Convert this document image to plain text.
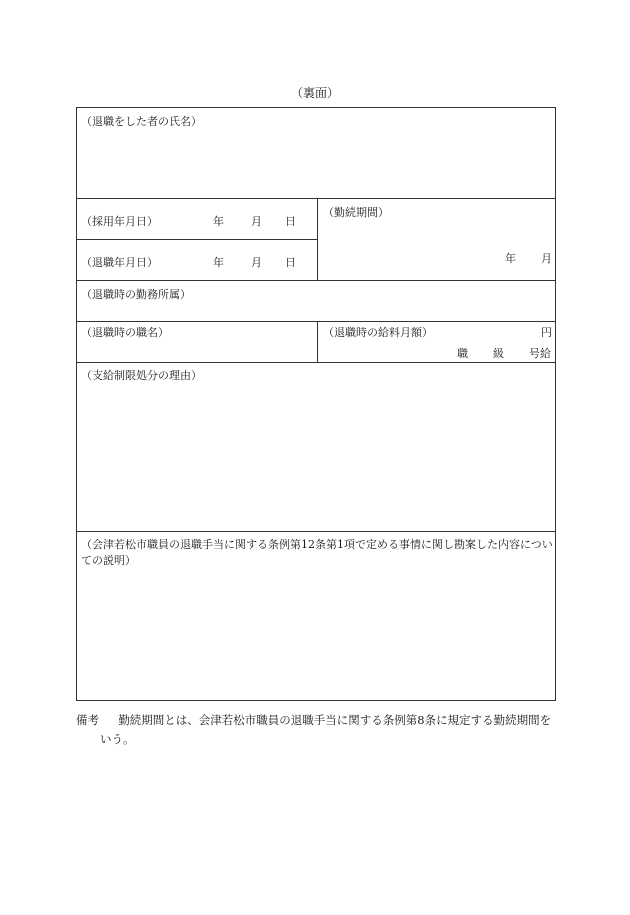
（裏面）
（退職をした者の氏名）
（採用年月日）	年 月 日
（退職年月日）	年 月 日
（勤続期間）
年 月
（退職時の勤務所属）
（退職時の職名）	（退職時の給料月額）	円
職 級 号給
（支給制限処分の理由）
（会津若松市職員の退職手当に関する条例第12条第1項で定める事情に関し勘案した内容についての説明）
備考 勤続期間とは、会津若松市職員の退職手当に関する条例第8条に規定する勤続期間を
いう。
